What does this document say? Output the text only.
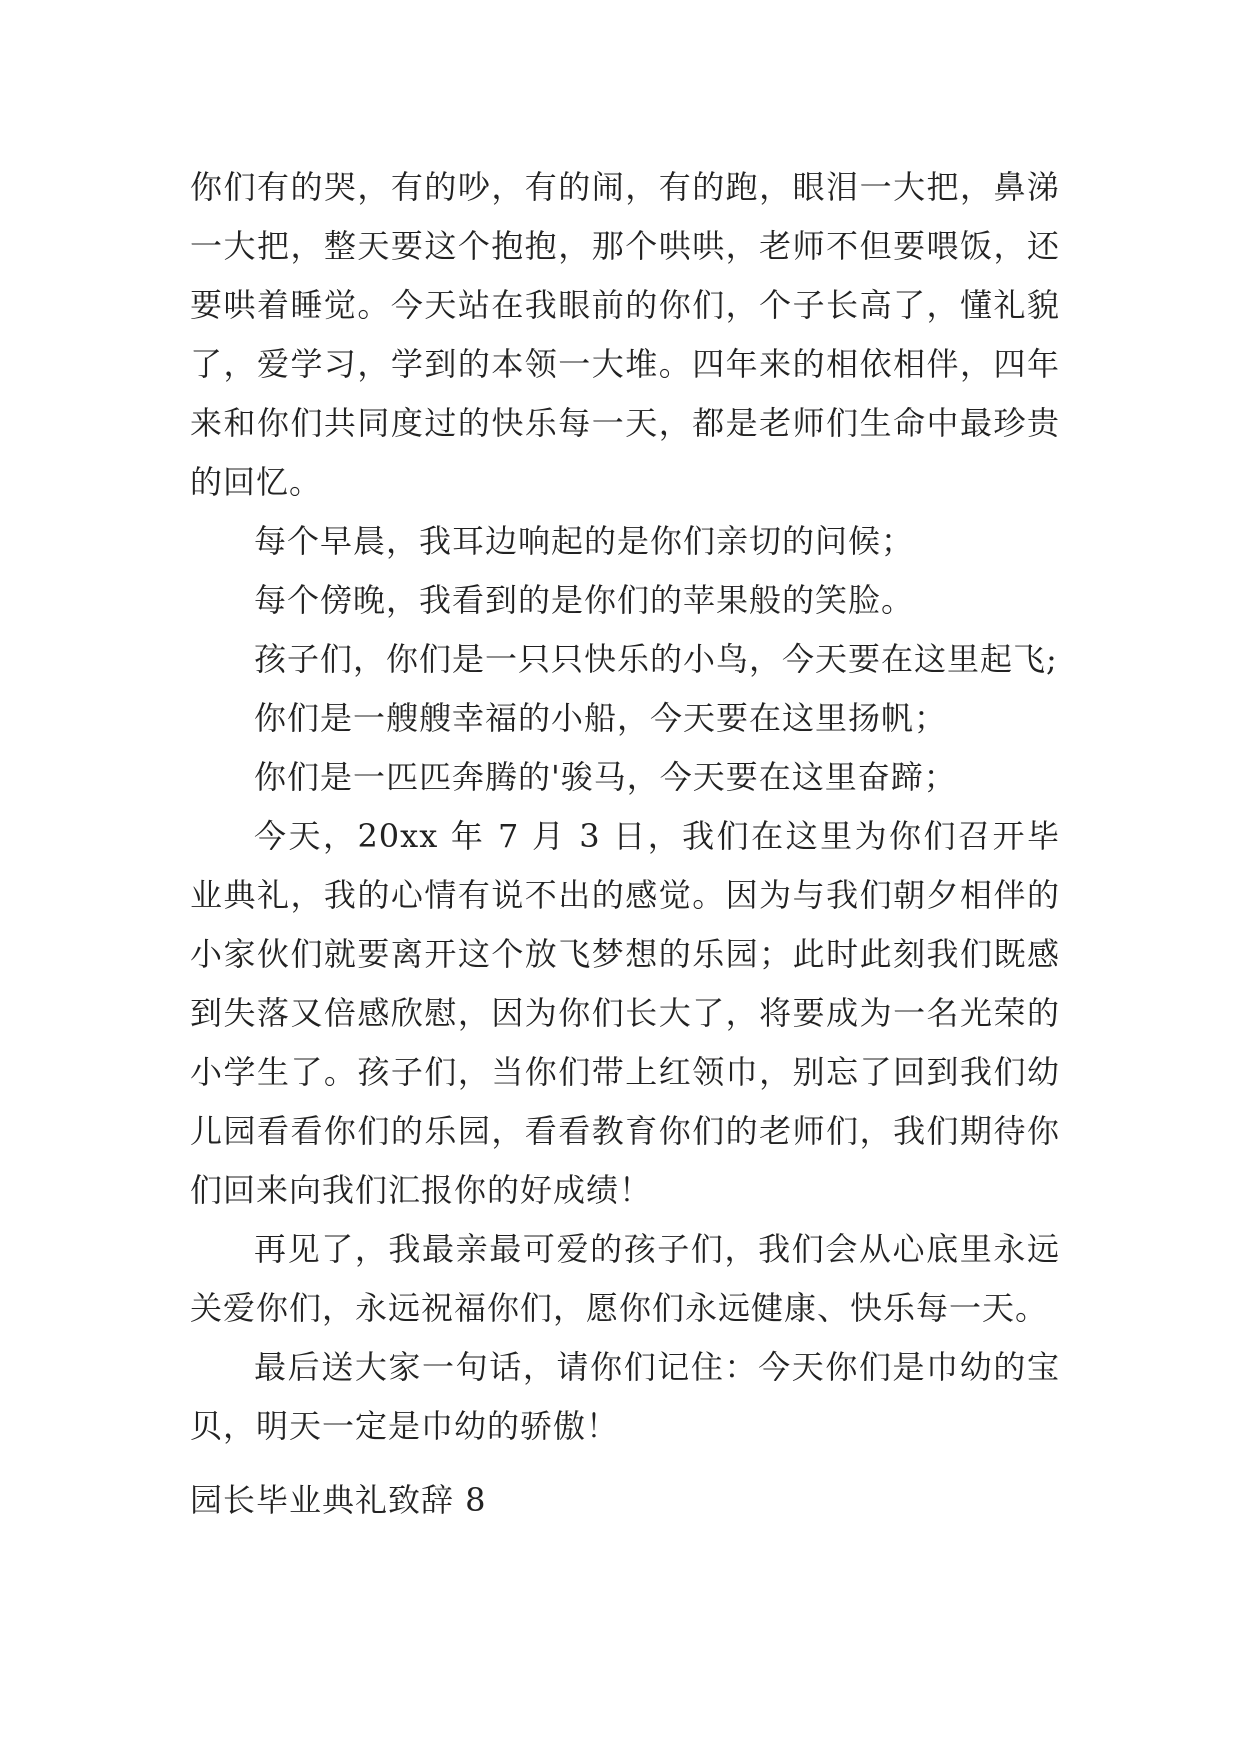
你们有的哭，有的吵，有的闹，有的跑，眼泪一大把，鼻涕一大把，整天要这个抱抱，那个哄哄，老师不但要喂饭，还要哄着睡觉。今天站在我眼前的你们，个子长高了，懂礼貌了，爱学习，学到的本领一大堆。四年来的相依相伴，四年来和你们共同度过的快乐每一天，都是老师们生命中最珍贵的回忆。

每个早晨，我耳边响起的是你们亲切的问候；

每个傍晚，我看到的是你们的苹果般的笑脸。

孩子们，你们是一只只快乐的小鸟，今天要在这里起飞;

你们是一艘艘幸福的小船，今天要在这里扬帆；

你们是一匹匹奔腾的'骏马，今天要在这里奋蹄；

今天，20xx 年 7 月 3 日，我们在这里为你们召开毕业典礼，我的心情有说不出的感觉。因为与我们朝夕相伴的小家伙们就要离开这个放飞梦想的乐园；此时此刻我们既感到失落又倍感欣慰，因为你们长大了，将要成为一名光荣的小学生了。孩子们，当你们带上红领巾，别忘了回到我们幼儿园看看你们的乐园，看看教育你们的老师们，我们期待你们回来向我们汇报你的好成绩！

再见了，我最亲最可爱的孩子们，我们会从心底里永远关爱你们，永远祝福你们，愿你们永远健康、快乐每一天。

最后送大家一句话，请你们记住：今天你们是巾幼的宝贝，明天一定是巾幼的骄傲！

园长毕业典礼致辞 8
